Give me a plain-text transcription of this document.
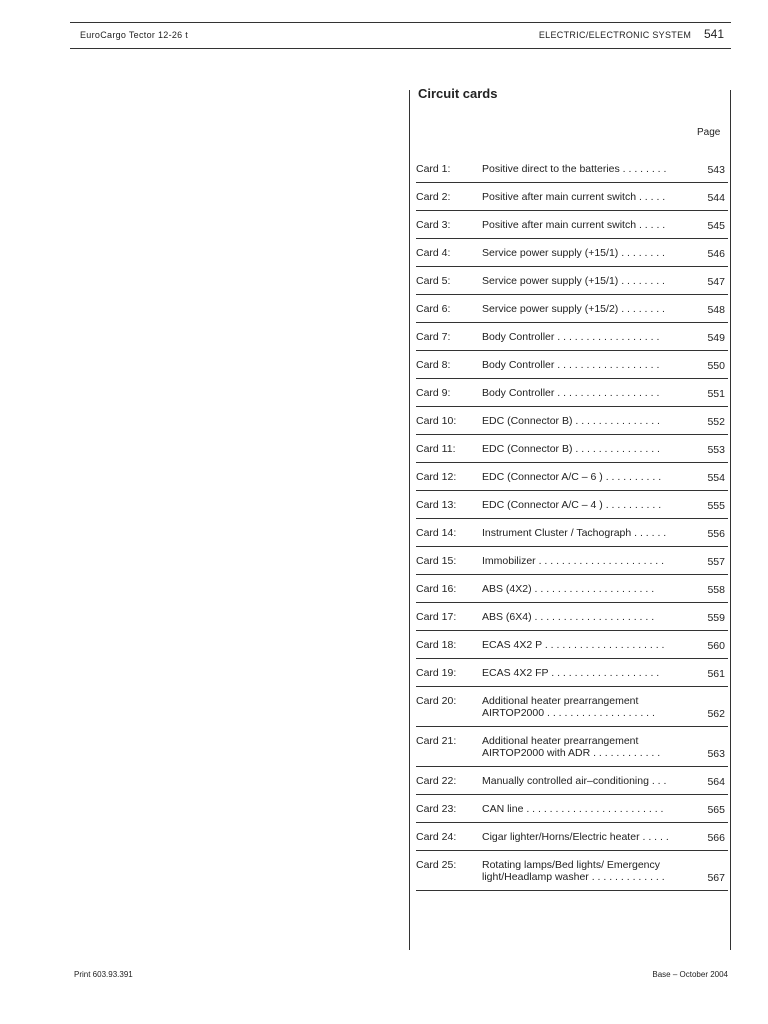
EuroCargo Tector 12-26 t	ELECTRIC/ELECTRONIC SYSTEM 541
Circuit cards
Page
Card 1:	Positive direct to the batteries . . . . . . . .	543
Card 2:	Positive after main current switch . . . . .	544
Card 3:	Positive after main current switch . . . . .	545
Card 4:	Service power supply (+15/1) . . . . . . . .	546
Card 5:	Service power supply (+15/1) . . . . . . . .	547
Card 6:	Service power supply (+15/2) . . . . . . . .	548
Card 7:	Body Controller . . . . . . . . . . . . . . . . . .	549
Card 8:	Body Controller . . . . . . . . . . . . . . . . . .	550
Card 9:	Body Controller . . . . . . . . . . . . . . . . . .	551
Card 10:	EDC (Connector B) . . . . . . . . . . . . . . .	552
Card 11:	EDC (Connector B) . . . . . . . . . . . . . . .	553
Card 12:	EDC (Connector A/C – 6 ) . . . . . . . . . .	554
Card 13:	EDC (Connector A/C – 4 ) . . . . . . . . . .	555
Card 14:	Instrument Cluster / Tachograph . . . . . .	556
Card 15:	Immobilizer . . . . . . . . . . . . . . . . . . . . . .	557
Card 16:	ABS (4X2) . . . . . . . . . . . . . . . . . . . . .	558
Card 17:	ABS (6X4) . . . . . . . . . . . . . . . . . . . . .	559
Card 18:	ECAS 4X2 P . . . . . . . . . . . . . . . . . . . . .	560
Card 19:	ECAS 4X2 FP . . . . . . . . . . . . . . . . . . .	561
Card 20:	Additional heater prearrangement
AIRTOP2000 . . . . . . . . . . . . . . . . . . .	562
Card 21:	Additional heater prearrangement
AIRTOP2000 with ADR . . . . . . . . . . . .	563
Card 22:	Manually controlled air–conditioning . . .	564
Card 23:	CAN line . . . . . . . . . . . . . . . . . . . . . . . .	565
Card 24:	Cigar lighter/Horns/Electric heater . . . . .	566
Card 25:	Rotating lamps/Bed lights/ Emergency
light/Headlamp washer . . . . . . . . . . . . .	567
Print 603.93.391	Base – October 2004
